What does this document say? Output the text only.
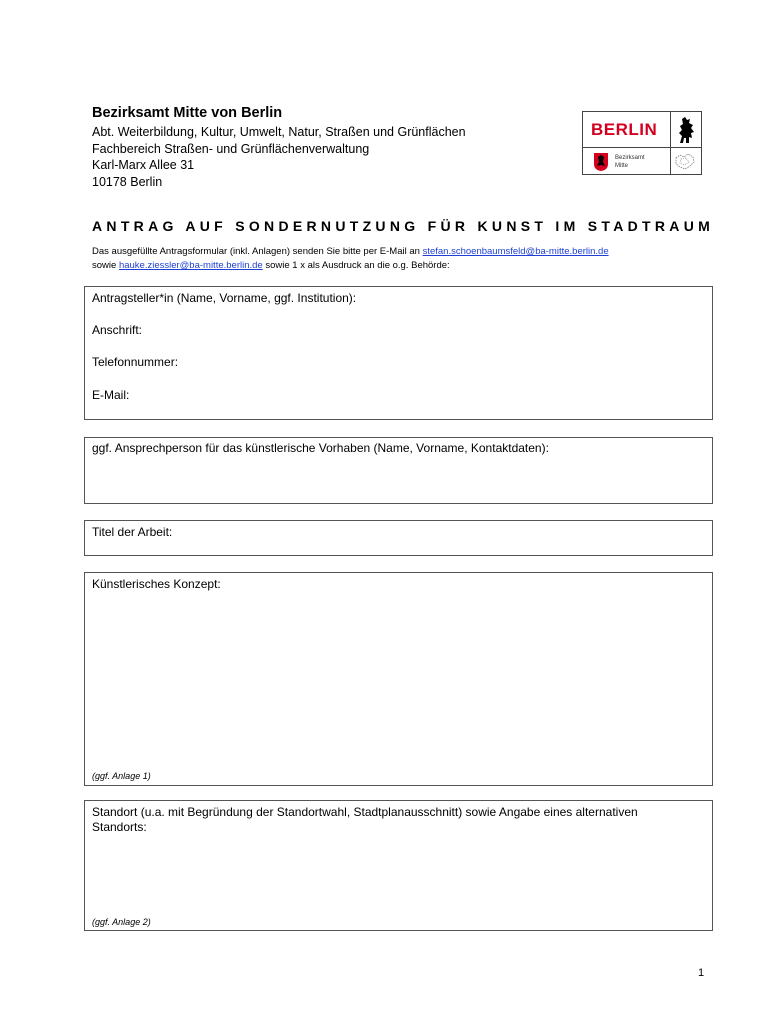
Bezirksamt Mitte von Berlin
Abt. Weiterbildung, Kultur, Umwelt, Natur, Straßen und Grünflächen
Fachbereich Straßen- und Grünflächenverwaltung
Karl-Marx Allee 31
10178 Berlin
BERLIN
Bezirksamt
Mitte
ANTRAG AUF SONDERNUTZUNG FÜR KUNST IM STADTRAUM
Das ausgefüllte Antragsformular (inkl. Anlagen) senden Sie bitte per E-Mail an stefan.schoenbaumsfeld@ba-mitte.berlin.de
sowie hauke.ziessler@ba-mitte.berlin.de sowie 1 x als Ausdruck an die o.g. Behörde:
Antragsteller*in (Name, Vorname, ggf. Institution):
Anschrift:
Telefonnummer:
E-Mail:
ggf. Ansprechperson für das künstlerische Vorhaben (Name, Vorname, Kontaktdaten):
Titel der Arbeit:
Künstlerisches Konzept:
(ggf. Anlage 1)
Standort (u.a. mit Begründung der Standortwahl, Stadtplanausschnitt) sowie Angabe eines alternativen
Standorts:
(ggf. Anlage 2)
1
